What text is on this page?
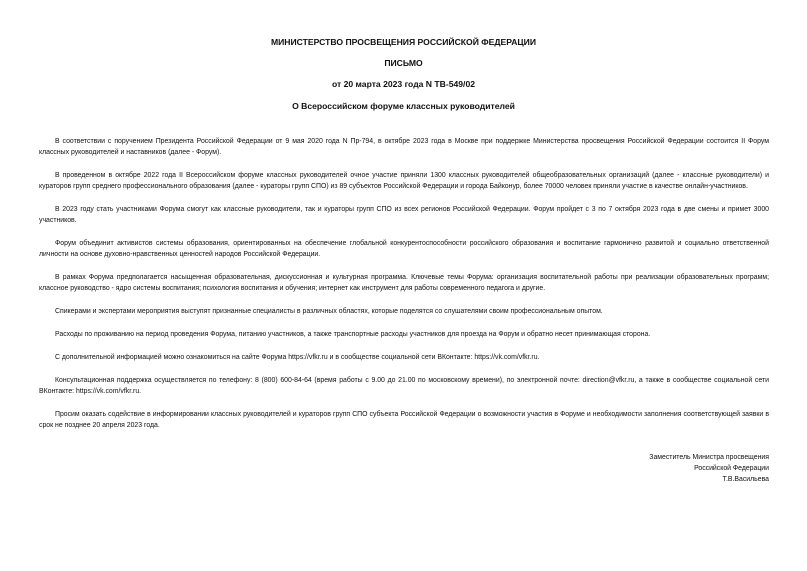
МИНИСТЕРСТВО ПРОСВЕЩЕНИЯ РОССИЙСКОЙ ФЕДЕРАЦИИ
ПИСЬМО
от 20 марта 2023 года N ТВ-549/02
О Всероссийском форуме классных руководителей

В соответствии с поручением Президента Российской Федерации от 9 мая 2020 года N Пр-794, в октябре 2023 года в Москве при поддержке Министерства просвещения Российской Федерации состоится II Форум классных руководителей и наставников (далее - Форум).

В проведенном в октябре 2022 года II Всероссийском форуме классных руководителей очное участие приняли 1300 классных руководителей общеобразовательных организаций (далее - классные руководители) и кураторов групп среднего профессионального образования (далее - кураторы групп СПО) из 89 субъектов Российской Федерации и города Байконур, более 70000 человек приняли участие в качестве онлайн-участников.

В 2023 году стать участниками Форума смогут как классные руководители, так и кураторы групп СПО из всех регионов Российской Федерации. Форум пройдет с 3 по 7 октября 2023 года в две смены и примет 3000 участников.

Форум объединит активистов системы образования, ориентированных на обеспечение глобальной конкурентоспособности российского образования и воспитание гармонично развитой и социально ответственной личности на основе духовно-нравственных ценностей народов Российской Федерации.

В рамках Форума предполагается насыщенная образовательная, дискуссионная и культурная программа. Ключевые темы Форума: организация воспитательной работы при реализации образовательных программ; классное руководство - ядро системы воспитания; психология воспитания и обучения; интернет как инструмент для работы современного педагога и другие.

Спикерами и экспертами мероприятия выступят признанные специалисты в различных областях, которые поделятся со слушателями своим профессиональным опытом.

Расходы по проживанию на период проведения Форума, питанию участников, а также транспортные расходы участников для проезда на Форум и обратно несет принимающая сторона.

С дополнительной информацией можно ознакомиться на сайте Форума https://vfkr.ru и в сообществе социальной сети ВКонтакте: https://vk.com/vfkr.ru.

Консультационная поддержка осуществляется по телефону: 8 (800) 600-84-64 (время работы с 9.00 до 21.00 по московскому времени), по электронной почте: direction@vfkr.ru, а также в сообществе социальной сети ВКонтакте: https://vk.com/vfkr.ru.

Просим оказать содействие в информировании классных руководителей и кураторов групп СПО субъекта Российской Федерации о возможности участия в Форуме и необходимости заполнения соответствующей заявки в срок не позднее 20 апреля 2023 года.

Заместитель Министра просвещения
Российской Федерации
Т.В.Васильева
